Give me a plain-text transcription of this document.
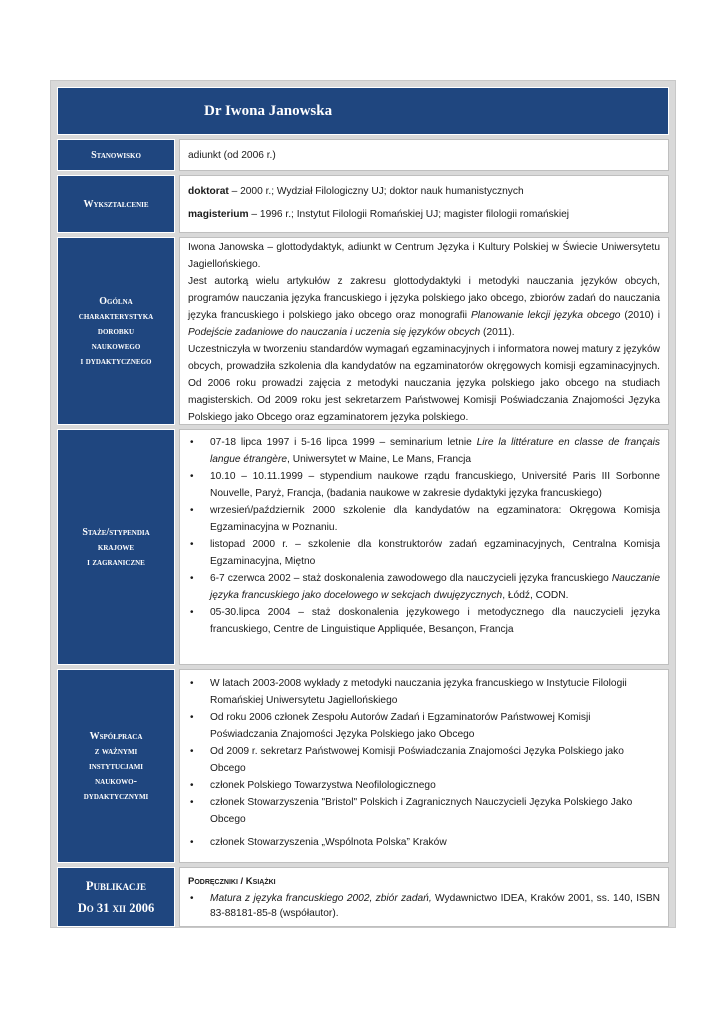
Dr Iwona Janowska
Stanowisko	adiunkt (od 2006 r.)
Wykształcenie
doktorat – 2000 r.; Wydział Filologiczny UJ; doktor nauk humanistycznych
magisterium – 1996 r.; Instytut Filologii Romańskiej UJ; magister filologii romańskiej
Ogólna
charakterystyka
dorobku
naukowego
i dydaktycznego
Iwona Janowska – glottodydaktyk, adiunkt w Centrum Języka i Kultury Polskiej w Świecie Uniwersytetu Jagiellońskiego.
Jest autorką wielu artykułów z zakresu glottodydaktyki i metodyki nauczania języków obcych, programów nauczania języka francuskiego i języka polskiego jako obcego, zbiorów zadań do nauczania języka francuskiego i polskiego jako obcego oraz monografii Planowanie lekcji języka obcego (2010) i Podejście zadaniowe do nauczania i uczenia się języków obcych (2011).
Uczestniczyła w tworzeniu standardów wymagań egzaminacyjnych i informatora nowej matury z języków obcych, prowadziła szkolenia dla kandydatów na egzaminatorów okręgowych komisji egzaminacyjnych. Od 2006 roku prowadzi zajęcia z metodyki nauczania języka polskiego jako obcego na studiach magisterskich. Od 2009 roku jest sekretarzem Państwowej Komisji Poświadczania Znajomości Języka Polskiego jako Obcego oraz egzaminatorem języka polskiego.
Staże/stypendia
krajowe
i zagraniczne
• 07-18 lipca 1997 i 5-16 lipca 1999 – seminarium letnie Lire la littérature en classe de français langue étrangère, Uniwersytet w Maine, Le Mans, Francja
• 10.10 – 10.11.1999 – stypendium naukowe rządu francuskiego, Université Paris III Sorbonne Nouvelle, Paryż, Francja, (badania naukowe w zakresie dydaktyki języka francuskiego)
• wrzesień/październik 2000 szkolenie dla kandydatów na egzaminatora: Okręgowa Komisja Egzaminacyjna w Poznaniu.
• listopad 2000 r. – szkolenie dla konstruktorów zadań egzaminacyjnych, Centralna Komisja Egzaminacyjna, Miętno
• 6-7 czerwca 2002 – staż doskonalenia zawodowego dla nauczycieli języka francuskiego Nauczanie języka francuskiego jako docelowego w sekcjach dwujęzycznych, Łódź, CODN.
• 05-30.lipca 2004 – staż doskonalenia językowego i metodycznego dla nauczycieli języka francuskiego, Centre de Linguistique Appliquée, Besançon, Francja
Współpraca
z ważnymi
instytucjami
naukowo-
dydaktycznymi
• W latach 2003-2008 wykłady z metodyki nauczania języka francuskiego w Instytucie Filologii Romańskiej Uniwersytetu Jagiellońskiego
• Od roku 2006 członek Zespołu Autorów Zadań i Egzaminatorów Państwowej Komisji Poświadczania Znajomości Języka Polskiego jako Obcego
• Od 2009 r. sekretarz Państwowej Komisji Poświadczania Znajomości Języka Polskiego jako Obcego
• członek Polskiego Towarzystwa Neofilologicznego
• członek Stowarzyszenia "Bristol" Polskich i Zagranicznych Nauczycieli Języka Polskiego Jako Obcego
• członek Stowarzyszenia „Wspólnota Polska” Kraków
Publikacje
Do 31 xii 2006
Podręczniki / Książki
• Matura z języka francuskiego 2002, zbiór zadań, Wydawnictwo IDEA, Kraków 2001, ss. 140, ISBN 83-88181-85-8 (współautor).
